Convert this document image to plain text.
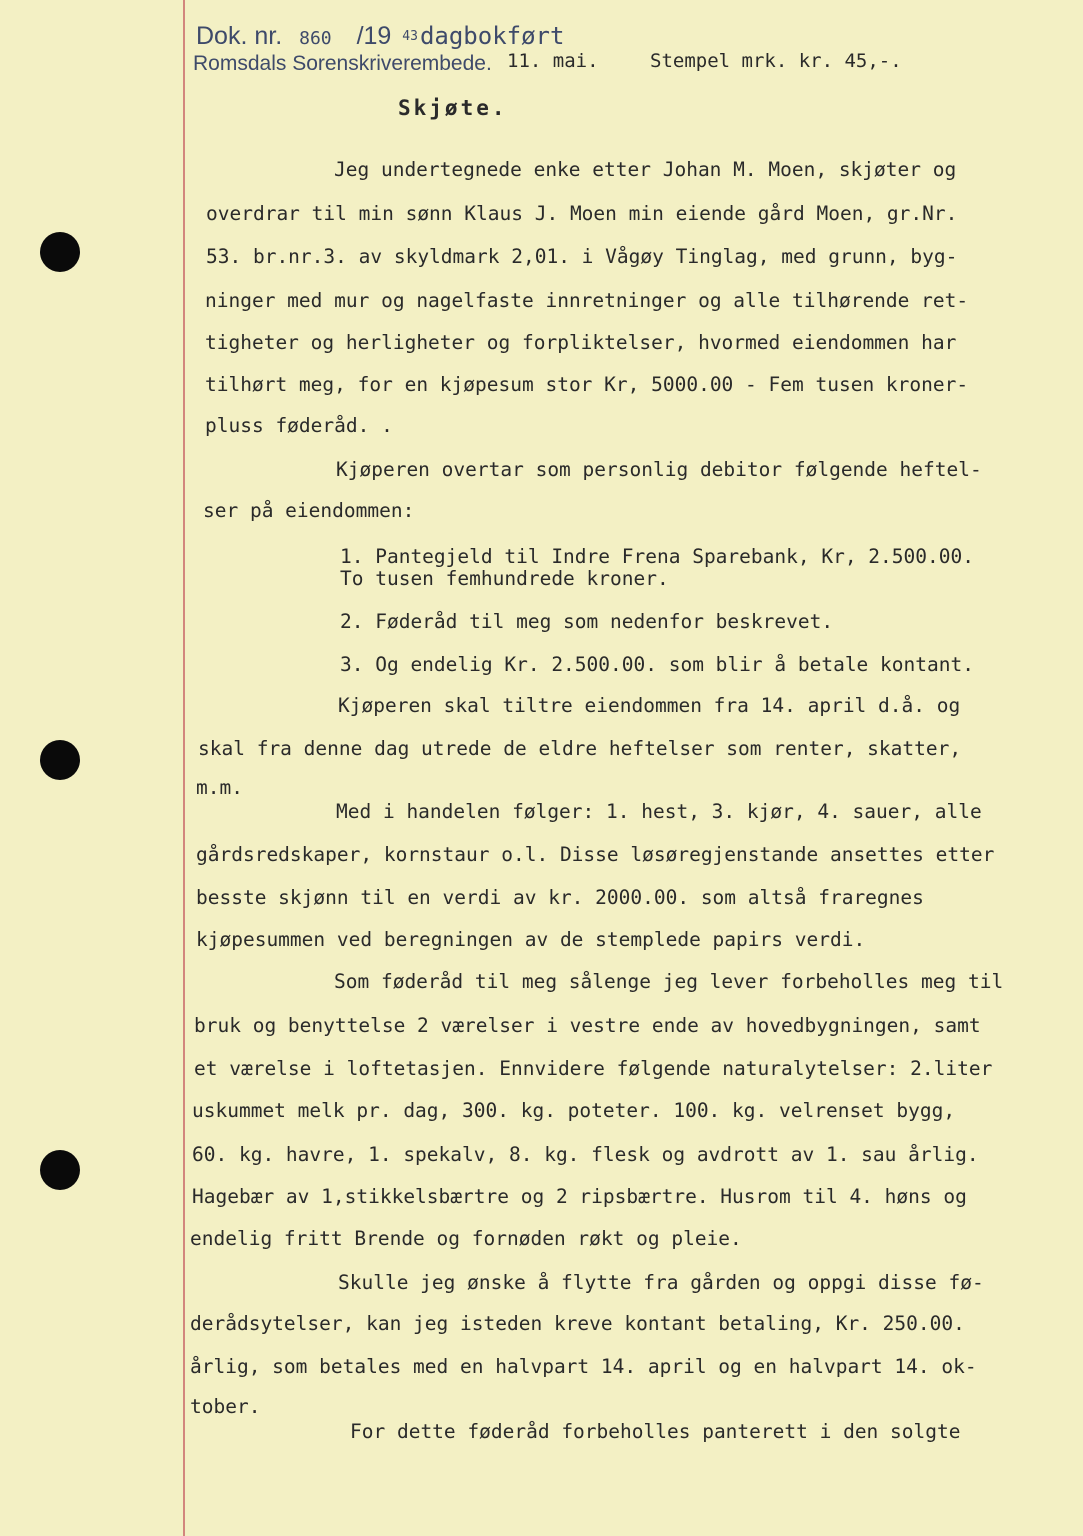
Dok. nr. 860 /19 43dagbokført
Romsdals Sorenskriverembede. 11. mai.	Stempel mrk. kr. 45,-.
Skjøte.
Jeg undertegnede enke etter Johan M. Moen, skjøter og
overdrar til min sønn Klaus J. Moen min eiende gård Moen, gr.Nr.
53. br.nr.3. av skyldmark 2,01. i Vågøy Tinglag, med grunn, byg-
ninger med mur og nagelfaste innretninger og alle tilhørende ret-
tigheter og herligheter og forpliktelser, hvormed eiendommen har
tilhørt meg, for en kjøpesum stor Kr, 5000.00 - Fem tusen kroner-
pluss føderåd. .
Kjøperen overtar som personlig debitor følgende heftel-
ser på eiendommen:
1. Pantegjeld til Indre Frena Sparebank, Kr, 2.500.00.
To tusen femhundrede kroner.
2. Føderåd til meg som nedenfor beskrevet.
3. Og endelig Kr. 2.500.00. som blir å betale kontant.
Kjøperen skal tiltre eiendommen fra 14. april d.å. og
skal fra denne dag utrede de eldre heftelser som renter, skatter,
m.m.
Med i handelen følger: 1. hest, 3. kjør, 4. sauer, alle
gårdsredskaper, kornstaur o.l. Disse løsøregjenstande ansettes etter
besste skjønn til en verdi av kr. 2000.00. som altså frаregnes
kjøpesummen ved beregningen av de stemplede papirs verdi.
Som føderåd til meg sålenge jeg lever forbeholles meg til
bruk og benyttelse 2 værelser i vestre ende av hovedbygningen, samt
et værelse i loftetasjen. Ennvidere følgende naturalytelser: 2.liter
uskummet melk pr. dag, 300. kg. poteter. 100. kg. velrenset bygg,
60. kg. havre, 1. spekalv, 8. kg. flesk og avdrott av 1. sau årlig.
Hagebær av 1,stikkelsbærtre og 2 ripsbærtre. Husrom til 4. høns og
endelig fritt Brende og fornøden røkt og pleie.
Skulle jeg ønske å flytte fra gården og oppgi disse fø-
derådsytelser, kan jeg isteden kreve kontant betaling, Kr. 250.00.
årlig, som betales med en halvpart 14. april og en halvpart 14. ok-
tober.
For dette føderåd forbeholles panterett i den solgte
